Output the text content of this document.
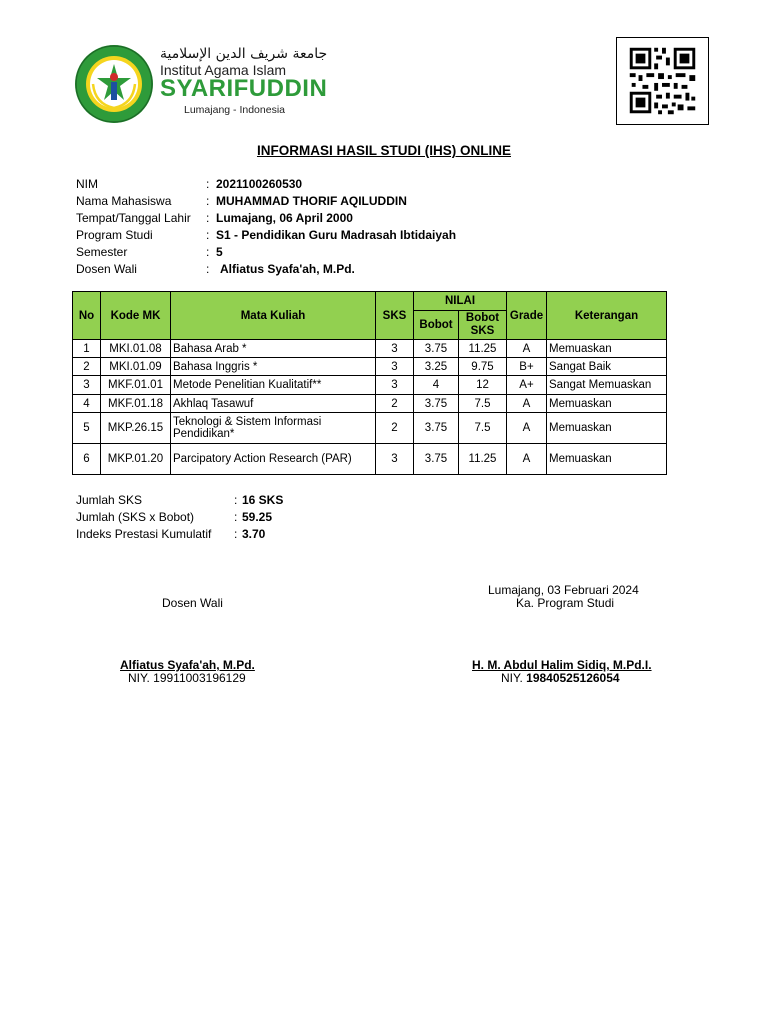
جامعة شريف الدين الإسلامية
Institut Agama Islam
SYARIFUDDIN
Lumajang - Indonesia
INFORMASI HASIL STUDI (IHS) ONLINE
NIM	: 2021100260530
Nama Mahasiswa	: MUHAMMAD THORIF AQILUDDIN
Tempat/Tanggal Lahir	: Lumajang, 06 April 2000
Program Studi	: S1 - Pendidikan Guru Madrasah Ibtidaiyah
Semester	: 5
Dosen Wali	: Alfiatus Syafa'ah, M.Pd.
No	Kode MK	Mata Kuliah	SKS	NILAI		Grade	Keterangan
				Bobot	Bobot SKS		
1	MKI.01.08	Bahasa Arab *	3	3.75	11.25	A	Memuaskan
2	MKI.01.09	Bahasa Inggris *	3	3.25	9.75	B+	Sangat Baik
3	MKF.01.01	Metode Penelitian Kualitatif**	3	4	12	A+	Sangat Memuaskan
4	MKF.01.18	Akhlaq Tasawuf	2	3.75	7.5	A	Memuaskan
5	MKP.26.15	Teknologi & Sistem Informasi Pendidikan*	2	3.75	7.5	A	Memuaskan
6	MKP.01.20	Parcipatory Action Research (PAR)	3	3.75	11.25	A	Memuaskan
Jumlah SKS	: 16 SKS
Jumlah (SKS x Bobot)	: 59.25
Indeks Prestasi Kumulatif : 3.70
Lumajang, 03 Februari 2024
Dosen Wali	Ka. Program Studi
Alfiatus Syafa'ah, M.Pd.
NIY. 19911003196129
H. M. Abdul Halim Sidiq, M.Pd.I.
NIY. 19840525126054
